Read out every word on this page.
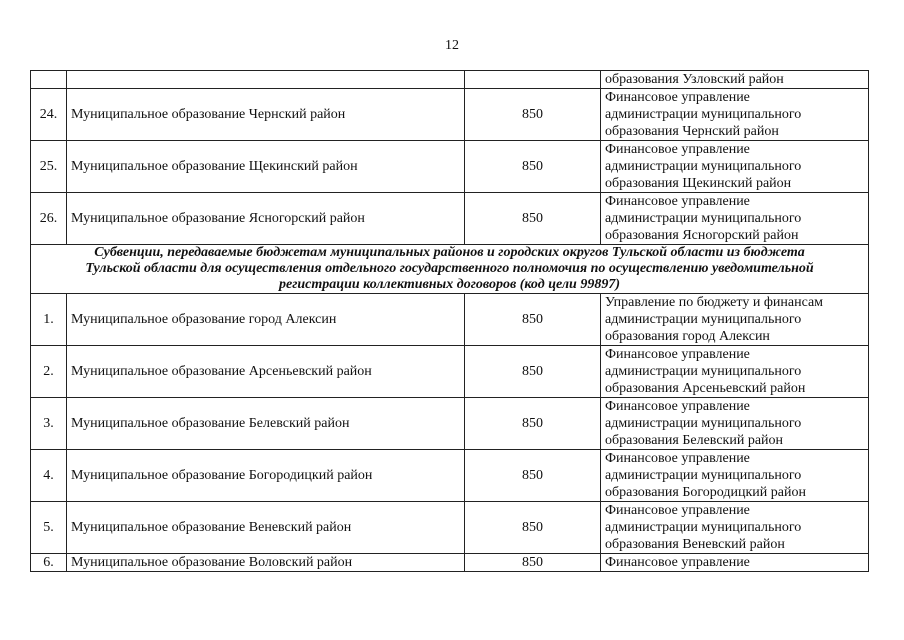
12

			образования Узловский район

24.	Муниципальное образование Чернский район	850	Финансовое управление
администрации муниципального
образования Чернский район

25.	Муниципальное образование Щекинский район	850	Финансовое управление
администрации муниципального
образования Щекинский район

26.	Муниципальное образование Ясногорский район	850	Финансовое управление
администрации муниципального
образования Ясногорский район

Субвенции, передаваемые бюджетам муниципальных районов и городских округов Тульской области из бюджета
Тульской области для осуществления отдельного государственного полномочия по осуществлению уведомительной
регистрации коллективных договоров (код цели 99897)			

1.	Муниципальное образование город Алексин	850	Управление по бюджету и финансам
администрации муниципального
образования город Алексин

2.	Муниципальное образование Арсеньевский район	850	Финансовое управление
администрации муниципального
образования Арсеньевский район

3.	Муниципальное образование Белевский район	850	Финансовое управление
администрации муниципального
образования Белевский район

4.	Муниципальное образование Богородицкий район	850	Финансовое управление
администрации муниципального
образования Богородицкий район

5.	Муниципальное образование Веневский район	850	Финансовое управление
администрации муниципального
образования Веневский район

6.	Муниципальное образование Воловский район	850	Финансовое управление
